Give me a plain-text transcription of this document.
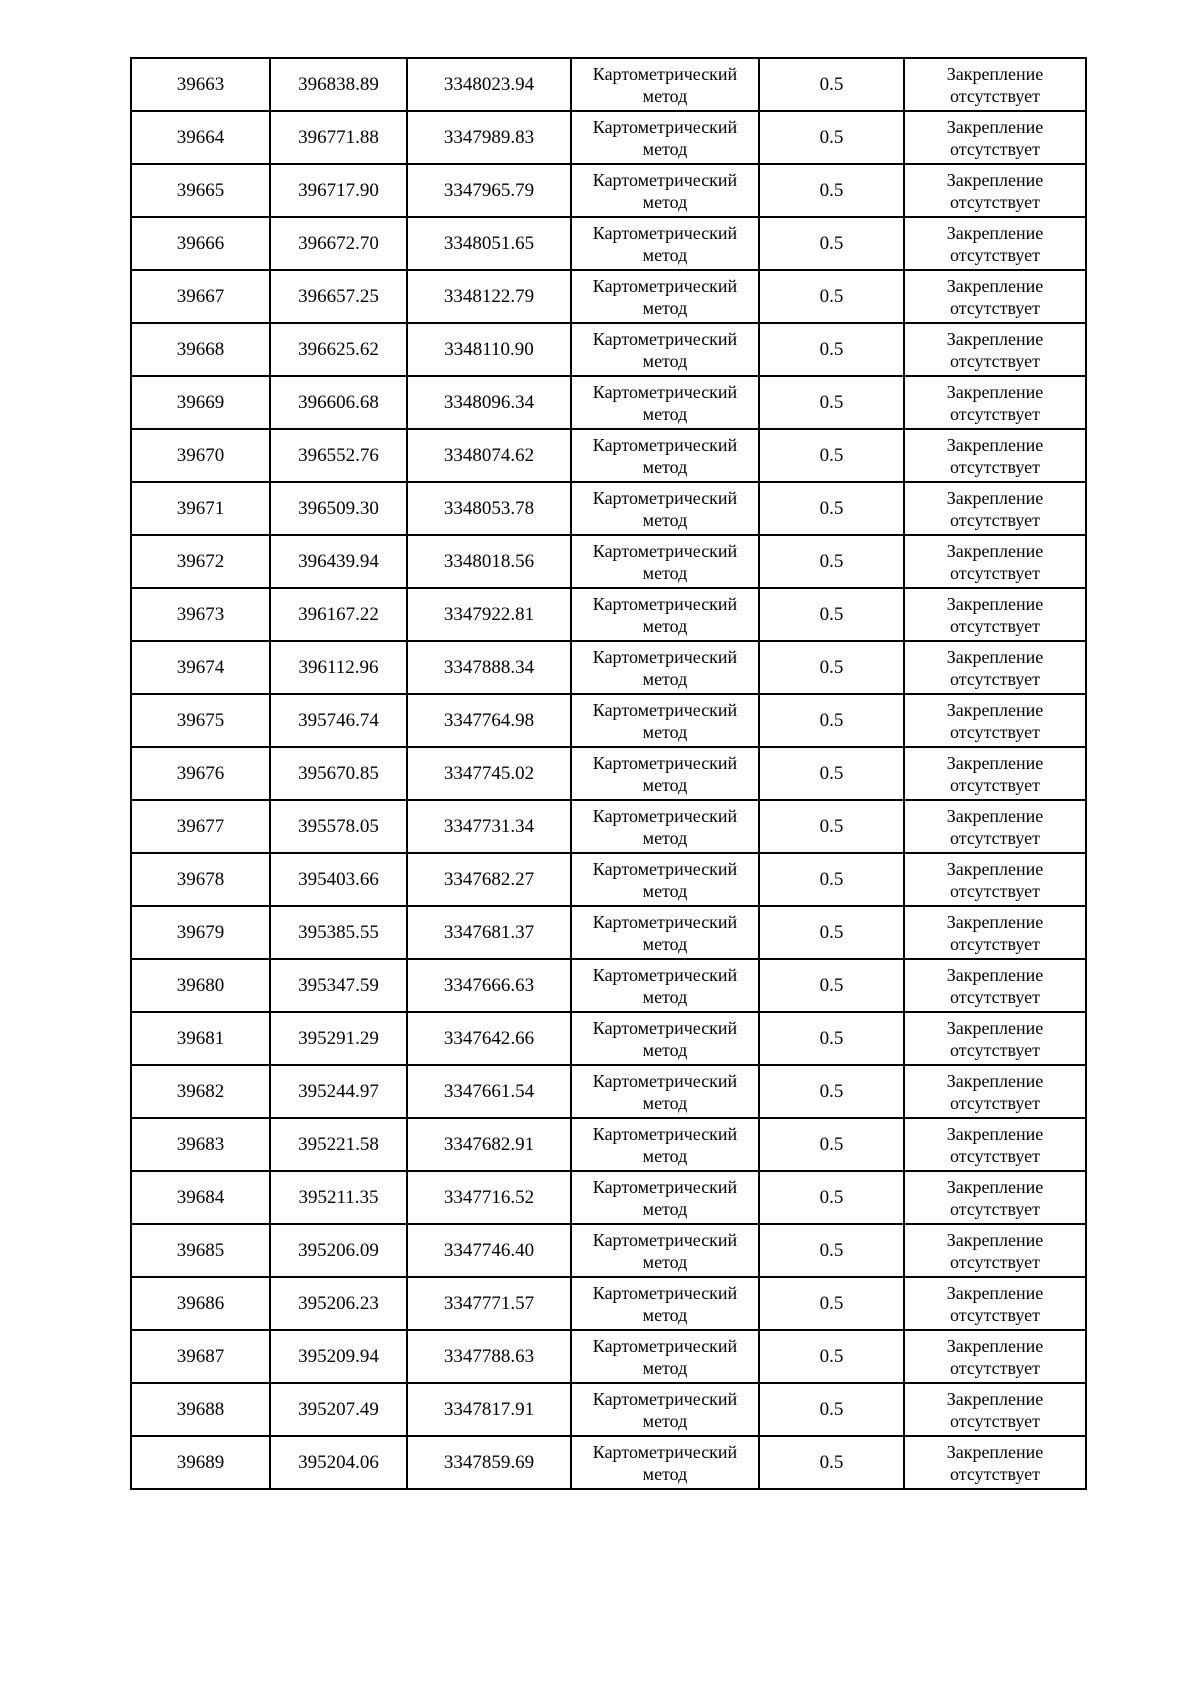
39663	396838.89	3348023.94	Картометрический
метод	0.5	Закрепление
отсутствует

39664	396771.88	3347989.83	Картометрический
метод	0.5	Закрепление
отсутствует

39665	396717.90	3347965.79	Картометрический
метод	0.5	Закрепление
отсутствует

39666	396672.70	3348051.65	Картометрический
метод	0.5	Закрепление
отсутствует

39667	396657.25	3348122.79	Картометрический
метод	0.5	Закрепление
отсутствует

39668	396625.62	3348110.90	Картометрический
метод	0.5	Закрепление
отсутствует

39669	396606.68	3348096.34	Картометрический
метод	0.5	Закрепление
отсутствует

39670	396552.76	3348074.62	Картометрический
метод	0.5	Закрепление
отсутствует

39671	396509.30	3348053.78	Картометрический
метод	0.5	Закрепление
отсутствует

39672	396439.94	3348018.56	Картометрический
метод	0.5	Закрепление
отсутствует

39673	396167.22	3347922.81	Картометрический
метод	0.5	Закрепление
отсутствует

39674	396112.96	3347888.34	Картометрический
метод	0.5	Закрепление
отсутствует

39675	395746.74	3347764.98	Картометрический
метод	0.5	Закрепление
отсутствует

39676	395670.85	3347745.02	Картометрический
метод	0.5	Закрепление
отсутствует

39677	395578.05	3347731.34	Картометрический
метод	0.5	Закрепление
отсутствует

39678	395403.66	3347682.27	Картометрический
метод	0.5	Закрепление
отсутствует

39679	395385.55	3347681.37	Картометрический
метод	0.5	Закрепление
отсутствует

39680	395347.59	3347666.63	Картометрический
метод	0.5	Закрепление
отсутствует

39681	395291.29	3347642.66	Картометрический
метод	0.5	Закрепление
отсутствует

39682	395244.97	3347661.54	Картометрический
метод	0.5	Закрепление
отсутствует

39683	395221.58	3347682.91	Картометрический
метод	0.5	Закрепление
отсутствует

39684	395211.35	3347716.52	Картометрический
метод	0.5	Закрепление
отсутствует

39685	395206.09	3347746.40	Картометрический
метод	0.5	Закрепление
отсутствует

39686	395206.23	3347771.57	Картометрический
метод	0.5	Закрепление
отсутствует

39687	395209.94	3347788.63	Картометрический
метод	0.5	Закрепление
отсутствует

39688	395207.49	3347817.91	Картометрический
метод	0.5	Закрепление
отсутствует

39689	395204.06	3347859.69	Картометрический
метод	0.5	Закрепление
отсутствует
